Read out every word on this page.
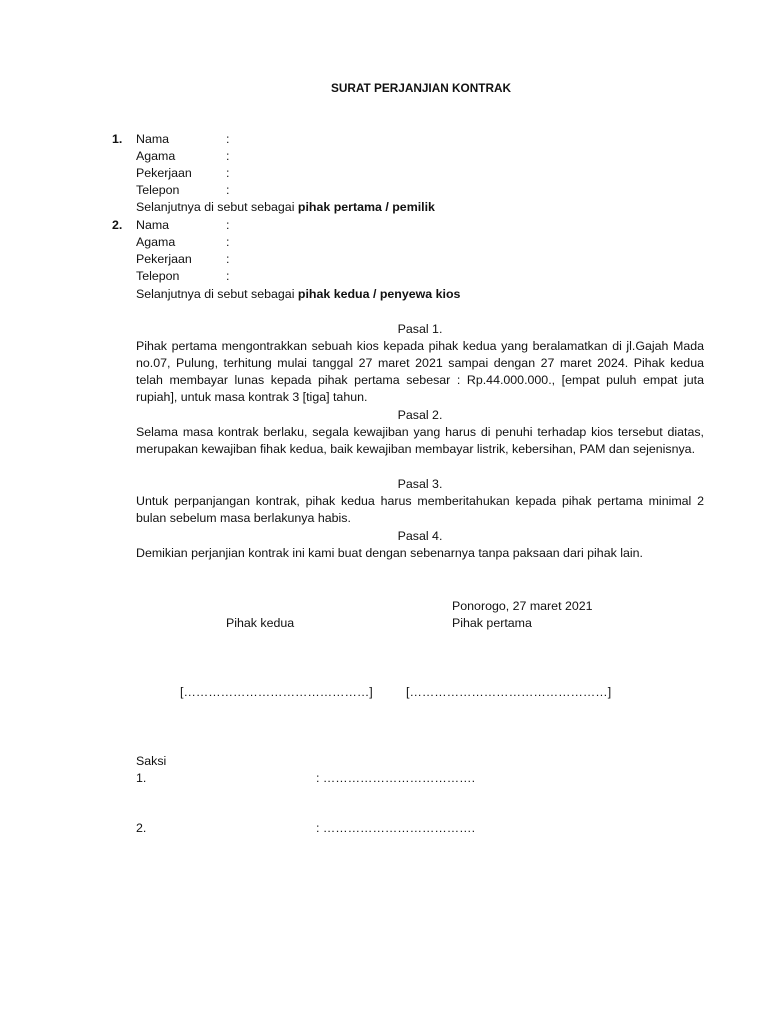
SURAT PERJANJIAN KONTRAK
1.	Nama	:
Agama	:
Pekerjaan	:
Telepon	:
Selanjutnya di sebut sebagai pihak pertama / pemilik
2.	Nama	:
Agama	:
Pekerjaan	:
Telepon	:
Selanjutnya di sebut sebagai pihak kedua / penyewa kios
Pasal 1.
Pihak pertama mengontrakkan sebuah kios kepada pihak kedua yang beralamatkan di jl.Gajah Mada no.07, Pulung, terhitung mulai tanggal 27 maret 2021 sampai dengan 27 maret 2024. Pihak kedua telah membayar lunas kepada pihak pertama sebesar : Rp.44.000.000., [empat puluh empat juta rupiah], untuk masa kontrak 3 [tiga] tahun.
Pasal 2.
Selama masa kontrak berlaku, segala kewajiban yang harus di penuhi terhadap kios tersebut diatas, merupakan kewajiban fihak kedua, baik kewajiban membayar listrik, kebersihan, PAM dan sejenisnya.
Pasal 3.
Untuk perpanjangan kontrak, pihak kedua harus memberitahukan kepada pihak pertama minimal 2 bulan sebelum masa berlakunya habis.
Pasal 4.
Demikian perjanjian kontrak ini kami buat dengan sebenarnya tanpa paksaan dari pihak lain.
Ponorogo, 27 maret 2021
Pihak kedua	Pihak pertama
[………………………………………]	[…………………………………………]
Saksi
1.	: ……………………………….
2.	: ……………………………….
